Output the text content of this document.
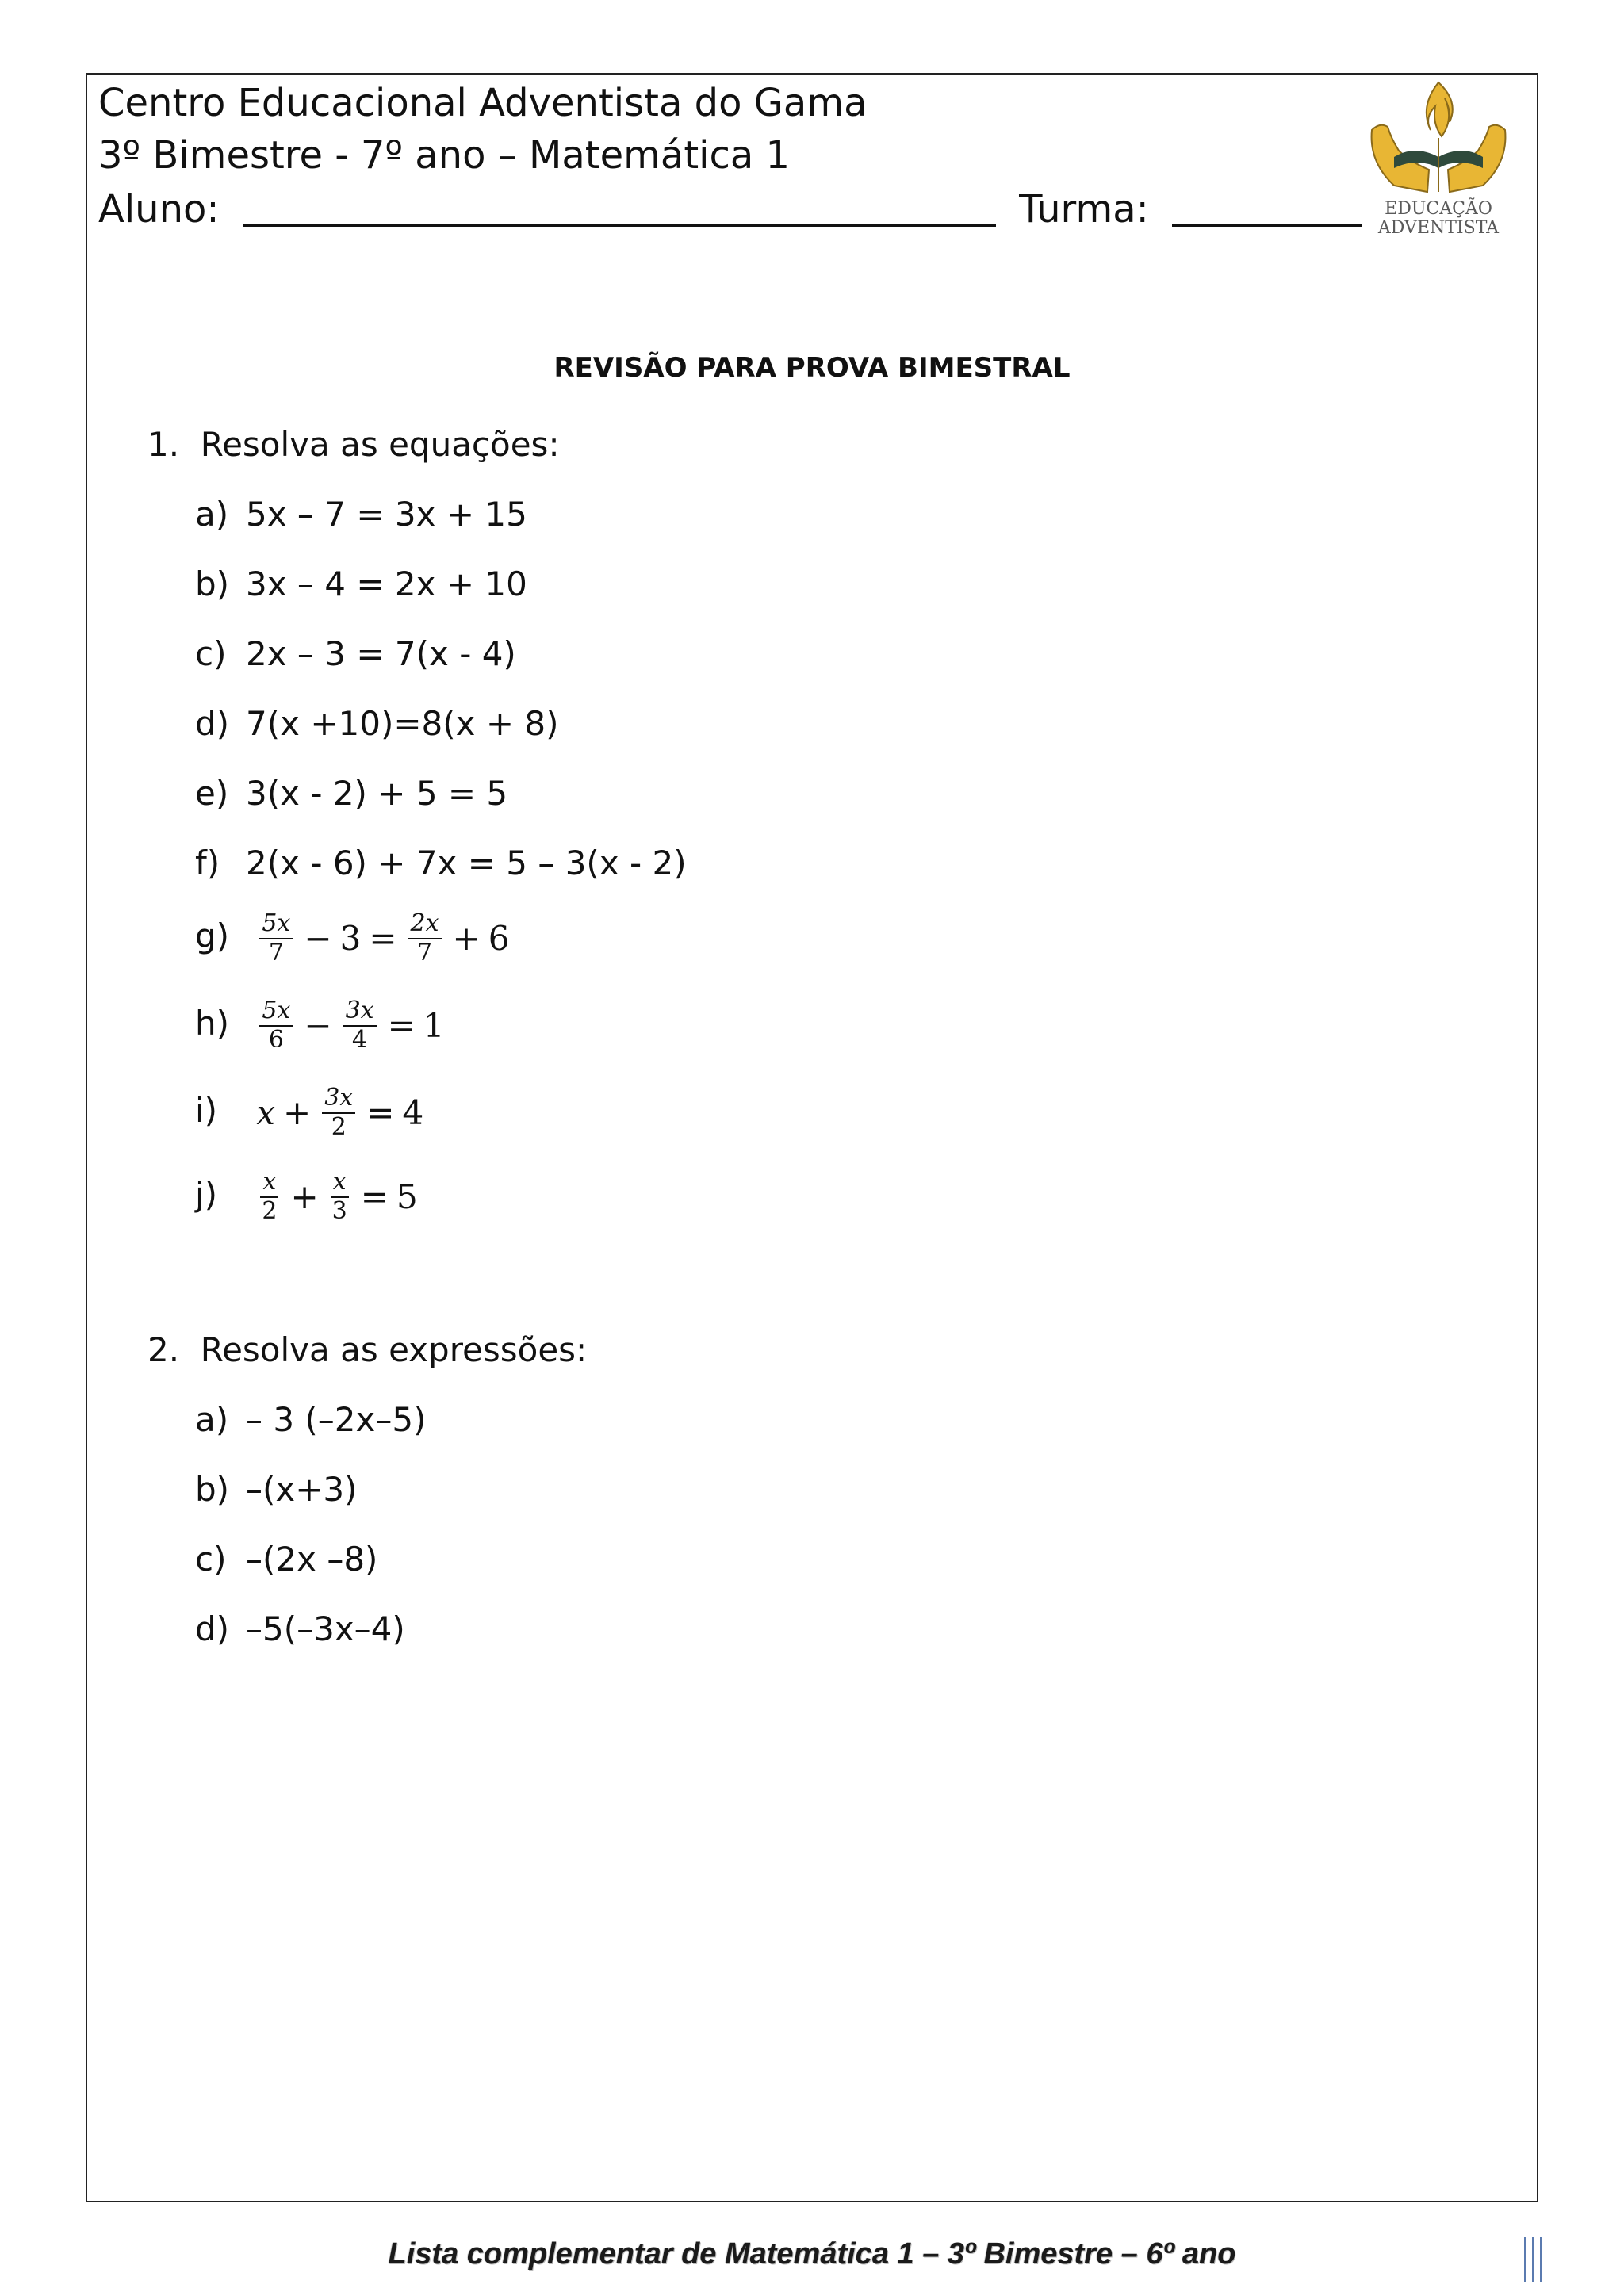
Centro Educacional Adventista do Gama
3º Bimestre - 7º ano – Matemática 1
Aluno:	Turma:	EDUCAÇÃO
ADVENTISTA
REVISÃO PARA PROVA BIMESTRAL
1. Resolva as equações:
a) 5x – 7 = 3x + 15
b) 3x – 4 = 2x + 10
c) 2x – 3 = 7(x - 4)
d) 7(x +10)=8(x + 8)
e) 3(x - 2) + 5 = 5
f) 2(x - 6) + 7x = 5 – 3(x - 2)
$g) \frac{5x}{7} - 3 = \frac{2x}{7} + 6$
$h) \frac{5x}{6} - \frac{3x}{4} = 1$
i) $x + \frac{3x}{2} = 4$
$j) \frac{x}{2} + \frac{x}{3} = 5$
2. Resolva as expressões:
a) – 3 (–2x–5)
b) –(x+3)
c) –(2x –8)
d) –5(–3x–4)
Lista complementar de Matemática 1 – 3º Bimestre – 6º ano
